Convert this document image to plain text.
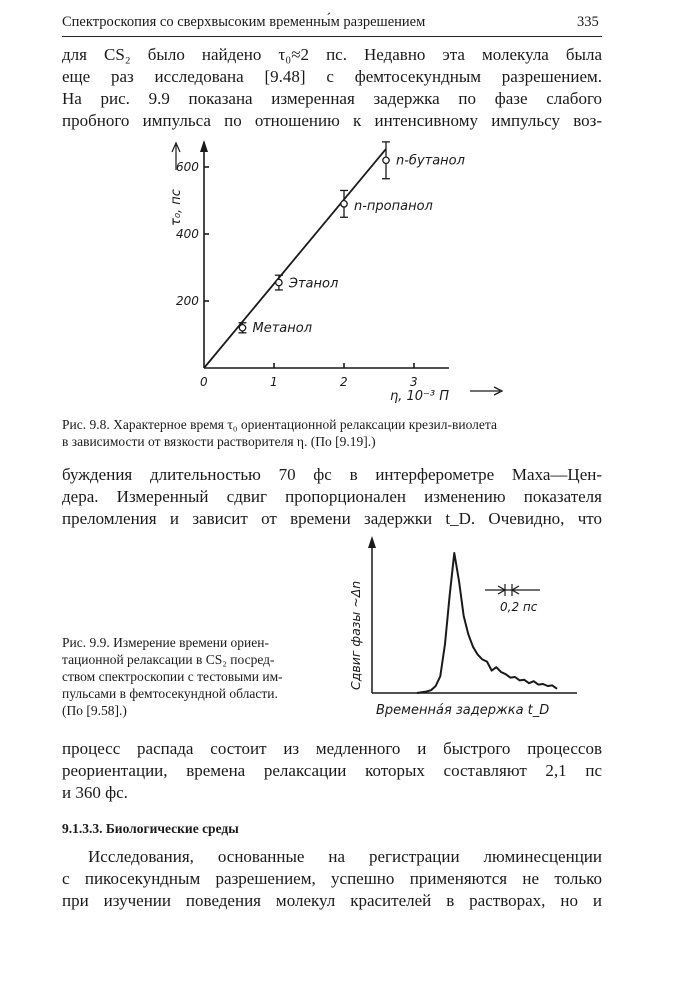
Спектроскопия со сверхвысоким временны́м разрешением	335
для CS₂ было найдено τ₀≈2 пс. Недавно эта молекула была
еще раз исследована [9.48] с фемтосекундным разрешением.
На рис. 9.9 показана измеренная задержка по фазе слабого
пробного импульса по отношению к интенсивному импульсу воз-
0	1	2	3
200
400
600
η, 10⁻³ П
τ₀, пс
Метанол
Этанол
n-пропанол
n-бутанол
Рис. 9.8. Характерное время τ₀ ориентационной релаксации крезил-виолета
в зависимости от вязкости растворителя η. (По [9.19].)
буждения длительностью 70 фс в интерферометре Маха—Цен-
дера. Измеренный сдвиг пропорционален изменению показателя
преломления и зависит от времени задержки t_D. Очевидно, что
Рис. 9.9. Измерение времени ориен-
тационной релаксации в CS₂ посред-
ством спектроскопии с тестовыми им-
пульсами в фемтосекундной области.
(По [9.58].)
0,2 пс
Временна́я задержка t_D
Сдвиг фазы ~Δn
процесс распада состоит из медленного и быстрого процессов
реориентации, времена релаксации которых составляют 2,1 пс
и 360 фс.
9.1.3.3. Биологические среды
Исследования, основанные на регистрации люминесценции
с пикосекундным разрешением, успешно применяются не только
при изучении поведения молекул красителей в растворах, но и
